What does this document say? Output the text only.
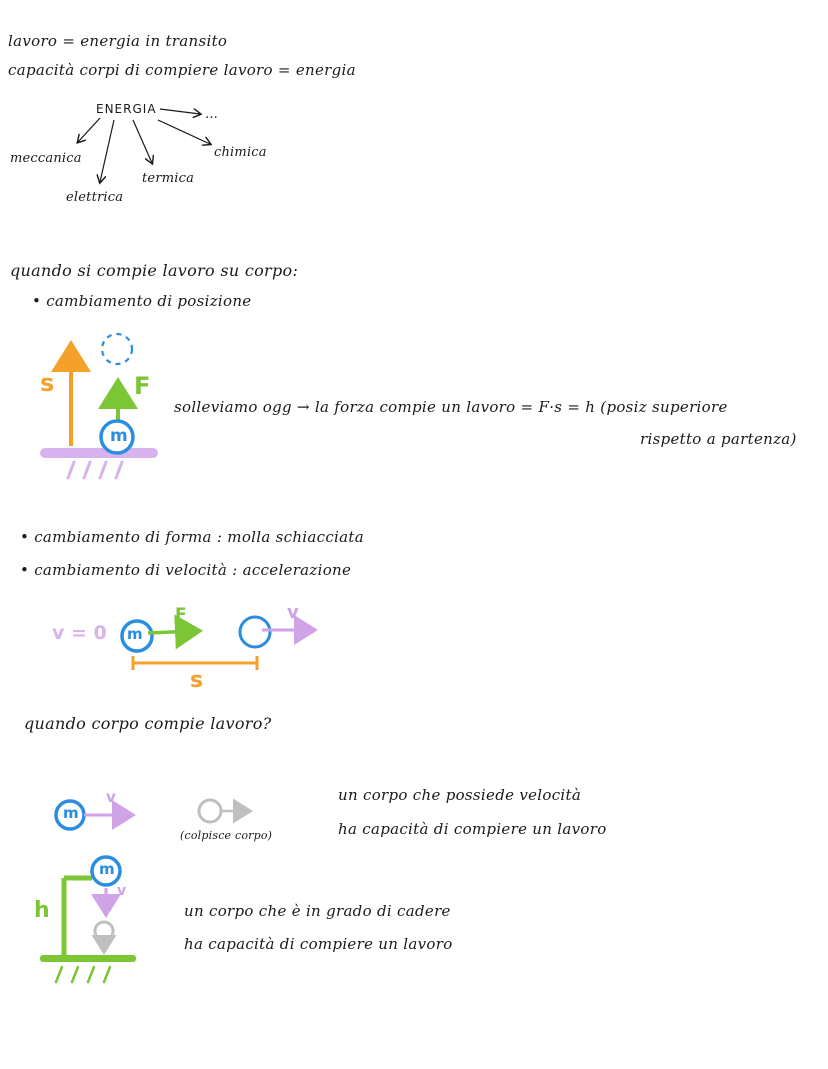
lavoro = energia in transito
capacità corpi di compiere lavoro = energia
ENERGIA	...
meccanica
elettrica
termica
chimica
s	F
m
quando si compie lavoro su corpo:
• cambiamento di posizione
solleviamo ogg → la forza compie un lavoro = F·s = h (posiz superiore
rispetto a partenza)
• cambiamento di forma : molla schiacciata
• cambiamento di velocità : accelerazione
v = 0 m
F
s
v
quando corpo compie lavoro?
m
v
(colpisce corpo)
un corpo che possiede velocità
ha capacità di compiere un lavoro
m
v
h	un corpo che è in grado di cadere
ha capacità di compiere un lavoro
